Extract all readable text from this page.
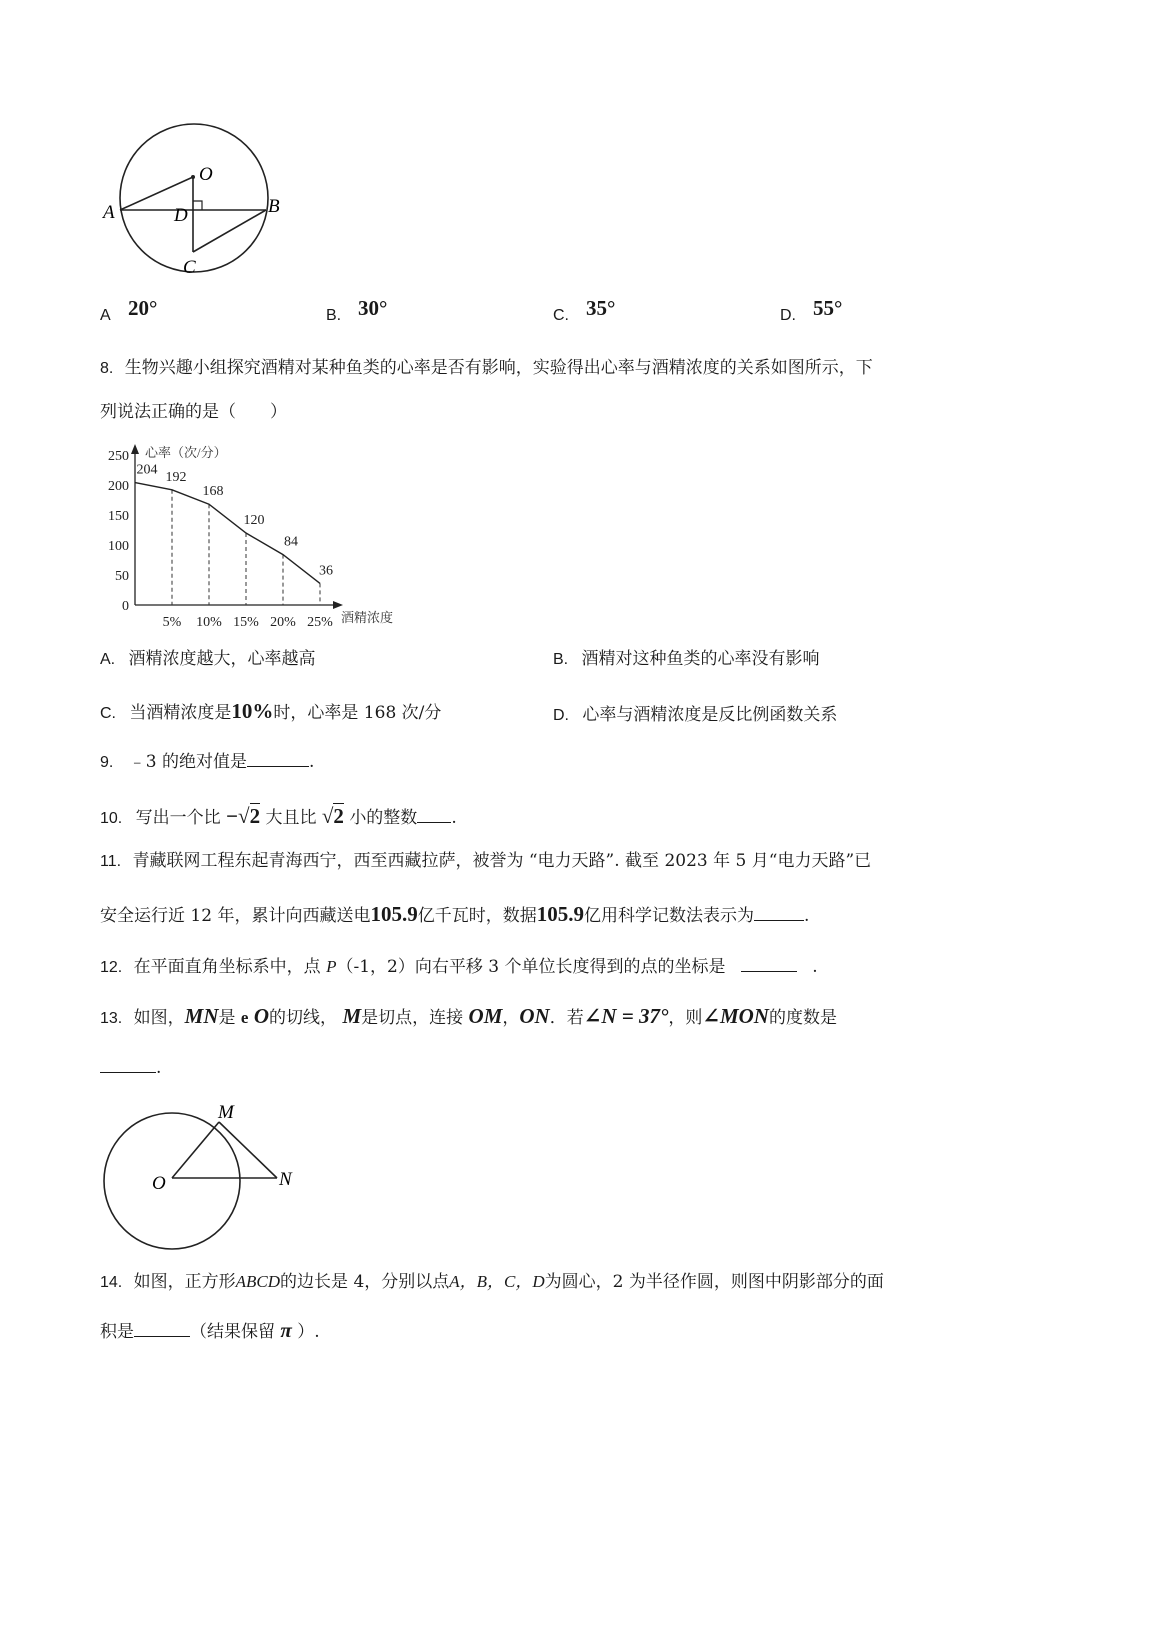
O
A	B
D
C
A 20°	B. 30°	C. 35°	D. 55°
8. 生物兴趣小组探究酒精对某种鱼类的心率是否有影响，实验得出心率与酒精浓度的关系如图所示，下
列说法正确的是（　　）
心率（次/分）
酒精浓度
0
50
100
150
200
250
5% 10% 15% 20% 25%
204 192
168
120
84
36
A. 酒精浓度越大，心率越高	B. 酒精对这种鱼类的心率没有影响
C. 当酒精浓度是10%时，心率是 168 次/分	D. 心率与酒精浓度是反比例函数关系
9. ﹣3 的绝对值是	.
10. 写出一个比 −√2 大且比 √2 小的整数 .
11. 青藏联网工程东起青海西宁，西至西藏拉萨，被誉为 “电力天路”. 截至 2023 年 5 月“电力天路”已
安全运行近 12 年，累计向西藏送电105.9亿千瓦时，数据105.9亿用科学记数法表示为	.
12. 在平面直角坐标系中，点 P（-1，2）向右平移 3 个单位长度得到的点的坐标是	.
13. 如图，MN是 e O的切线， M是切点，连接 OM，ON．若∠N = 37°，则∠MON的度数是
.
M
O	N
14. 如图，正方形ABCD的边长是 4，分别以点A，B，C，D为圆心，2 为半径作圆，则图中阴影部分的面
积是	（结果保留 π ）.
